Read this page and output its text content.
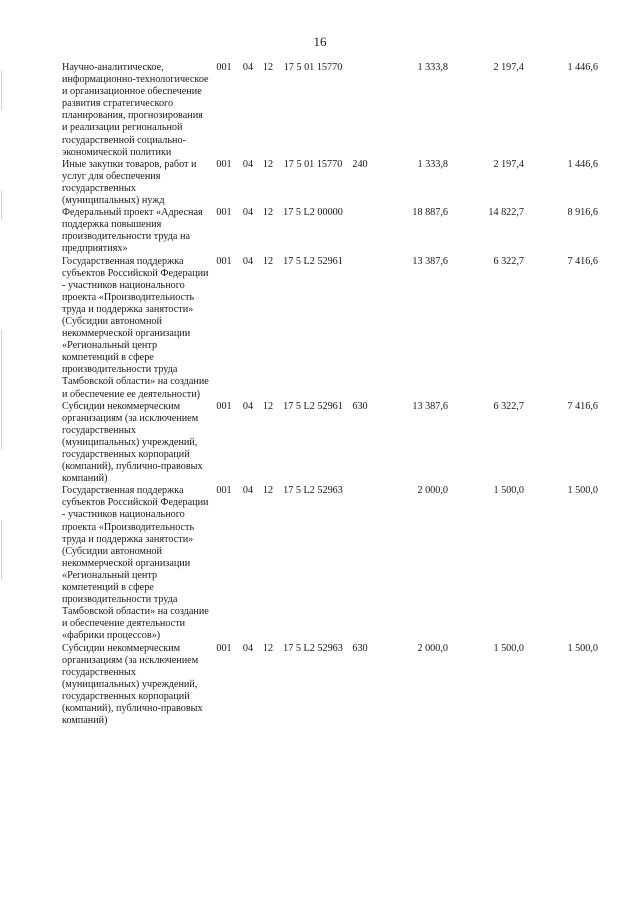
16
Научно-аналитическое, информационно-технологическое и организационное обеспечение развития стратегического планирования, прогнозирования и реализации региональной государственной социально-экономической политики	001	04	12	17 5 01 15770		1 333,8	2 197,4	1 446,6
Иные закупки товаров, работ и услуг для обеспечения государственных (муниципальных) нужд	001	04	12	17 5 01 15770	240	1 333,8	2 197,4	1 446,6
Федеральный проект «Адресная поддержка повышения производительности труда на предприятиях»	001	04	12	17 5 L2 00000		18 887,6	14 822,7	8 916,6
Государственная поддержка субъектов Российской Федерации - участников национального проекта «Производительность труда и поддержка занятости» (Субсидии автономной некоммерческой организации «Региональный центр компетенций в сфере производительности труда Тамбовской области» на создание и обеспечение ее деятельности)	001	04	12	17 5 L2 52961		13 387,6	6 322,7	7 416,6
Субсидии некоммерческим организациям (за исключением государственных (муниципальных) учреждений, государственных корпораций (компаний), публично-правовых компаний)	001	04	12	17 5 L2 52961	630	13 387,6	6 322,7	7 416,6
Государственная поддержка субъектов Российской Федерации - участников национального проекта «Производительность труда и поддержка занятости» (Субсидии автономной некоммерческой организации «Региональный центр компетенций в сфере производительности труда Тамбовской области» на создание и обеспечение деятельности «фабрики процессов»)	001	04	12	17 5 L2 52963		2 000,0	1 500,0	1 500,0
Субсидии некоммерческим организациям (за исключением государственных (муниципальных) учреждений, государственных корпораций (компаний), публично-правовых компаний)	001	04	12	17 5 L2 52963	630	2 000,0	1 500,0	1 500,0
